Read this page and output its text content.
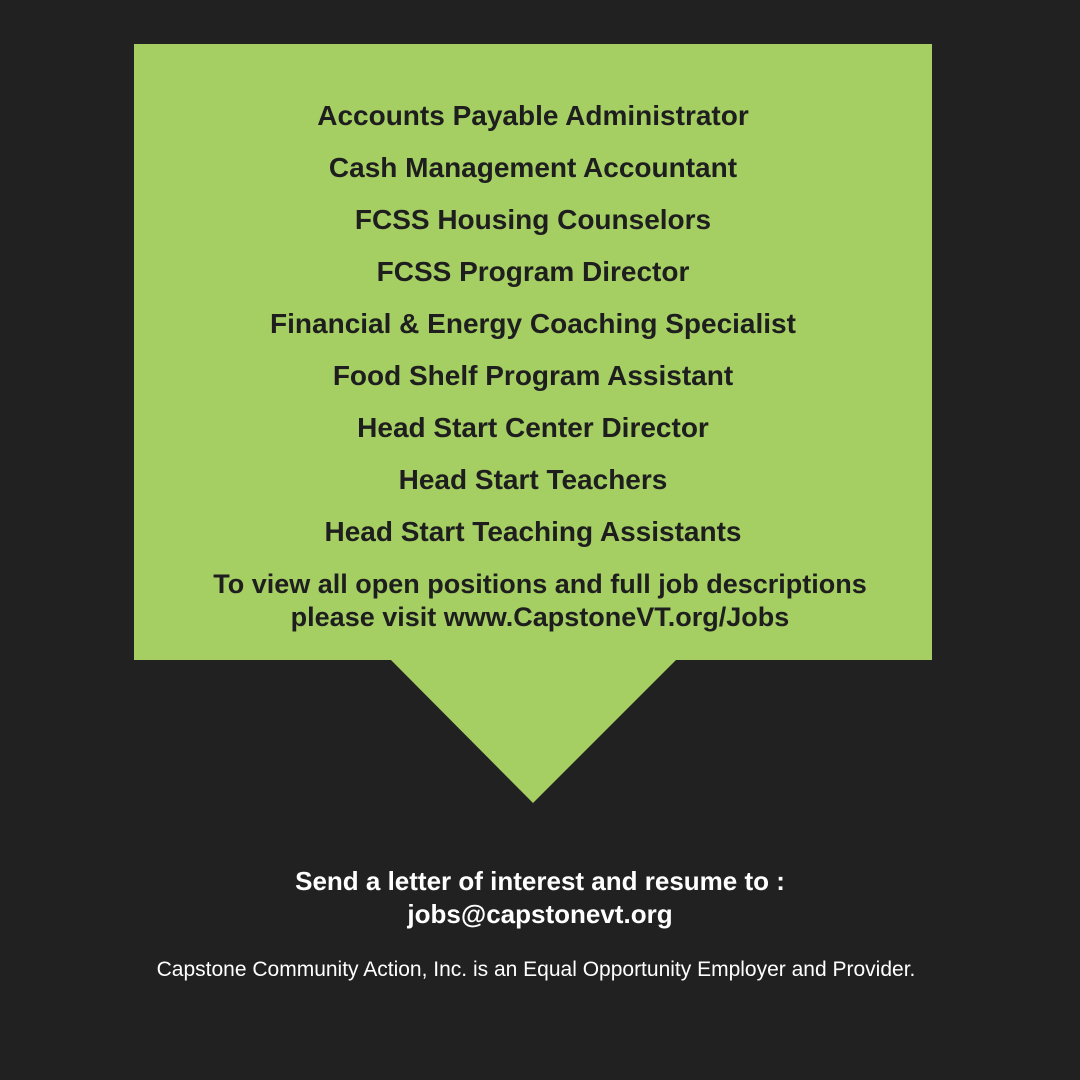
Accounts Payable Administrator
Cash Management Accountant
FCSS Housing Counselors
FCSS Program Director
Financial & Energy Coaching Specialist
Food Shelf Program Assistant
Head Start Center Director
Head Start Teachers
Head Start Teaching Assistants
To view all open positions and full job descriptions
please visit www.CapstoneVT.org/Jobs
Send a letter of interest and resume to :
jobs@capstonevt.org
Capstone Community Action, Inc. is an Equal Opportunity Employer and Provider.
